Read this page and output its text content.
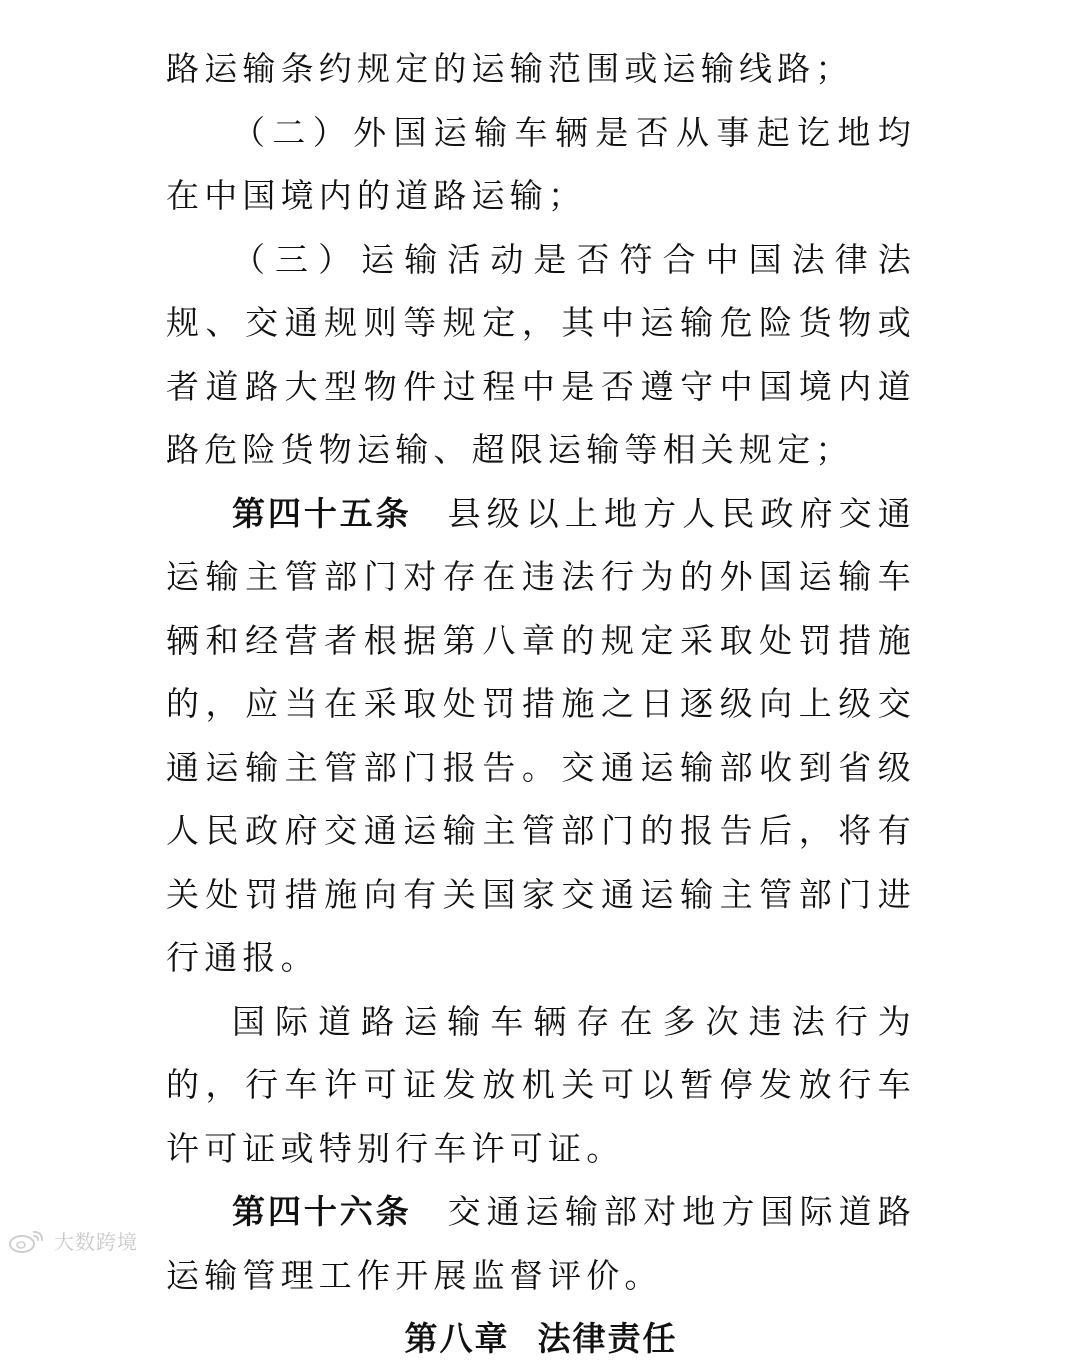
路运输条约规定的运输范围或运输线路；

（二）外国运输车辆是否从事起讫地均在中国境内的道路运输；

（三）运输活动是否符合中国法律法规、交通规则等规定，其中运输危险货物或者道路大型物件过程中是否遵守中国境内道路危险货物运输、超限运输等相关规定；

第四十五条 县级以上地方人民政府交通运输主管部门对存在违法行为的外国运输车辆和经营者根据第八章的规定采取处罚措施的，应当在采取处罚措施之日逐级向上级交通运输主管部门报告。交通运输部收到省级人民政府交通运输主管部门的报告后，将有关处罚措施向有关国家交通运输主管部门进行通报。

国际道路运输车辆存在多次违法行为的，行车许可证发放机关可以暂停发放行车许可证或特别行车许可证。

第四十六条 交通运输部对地方国际道路运输管理工作开展监督评价。

第八章 法律责任
大数跨境
